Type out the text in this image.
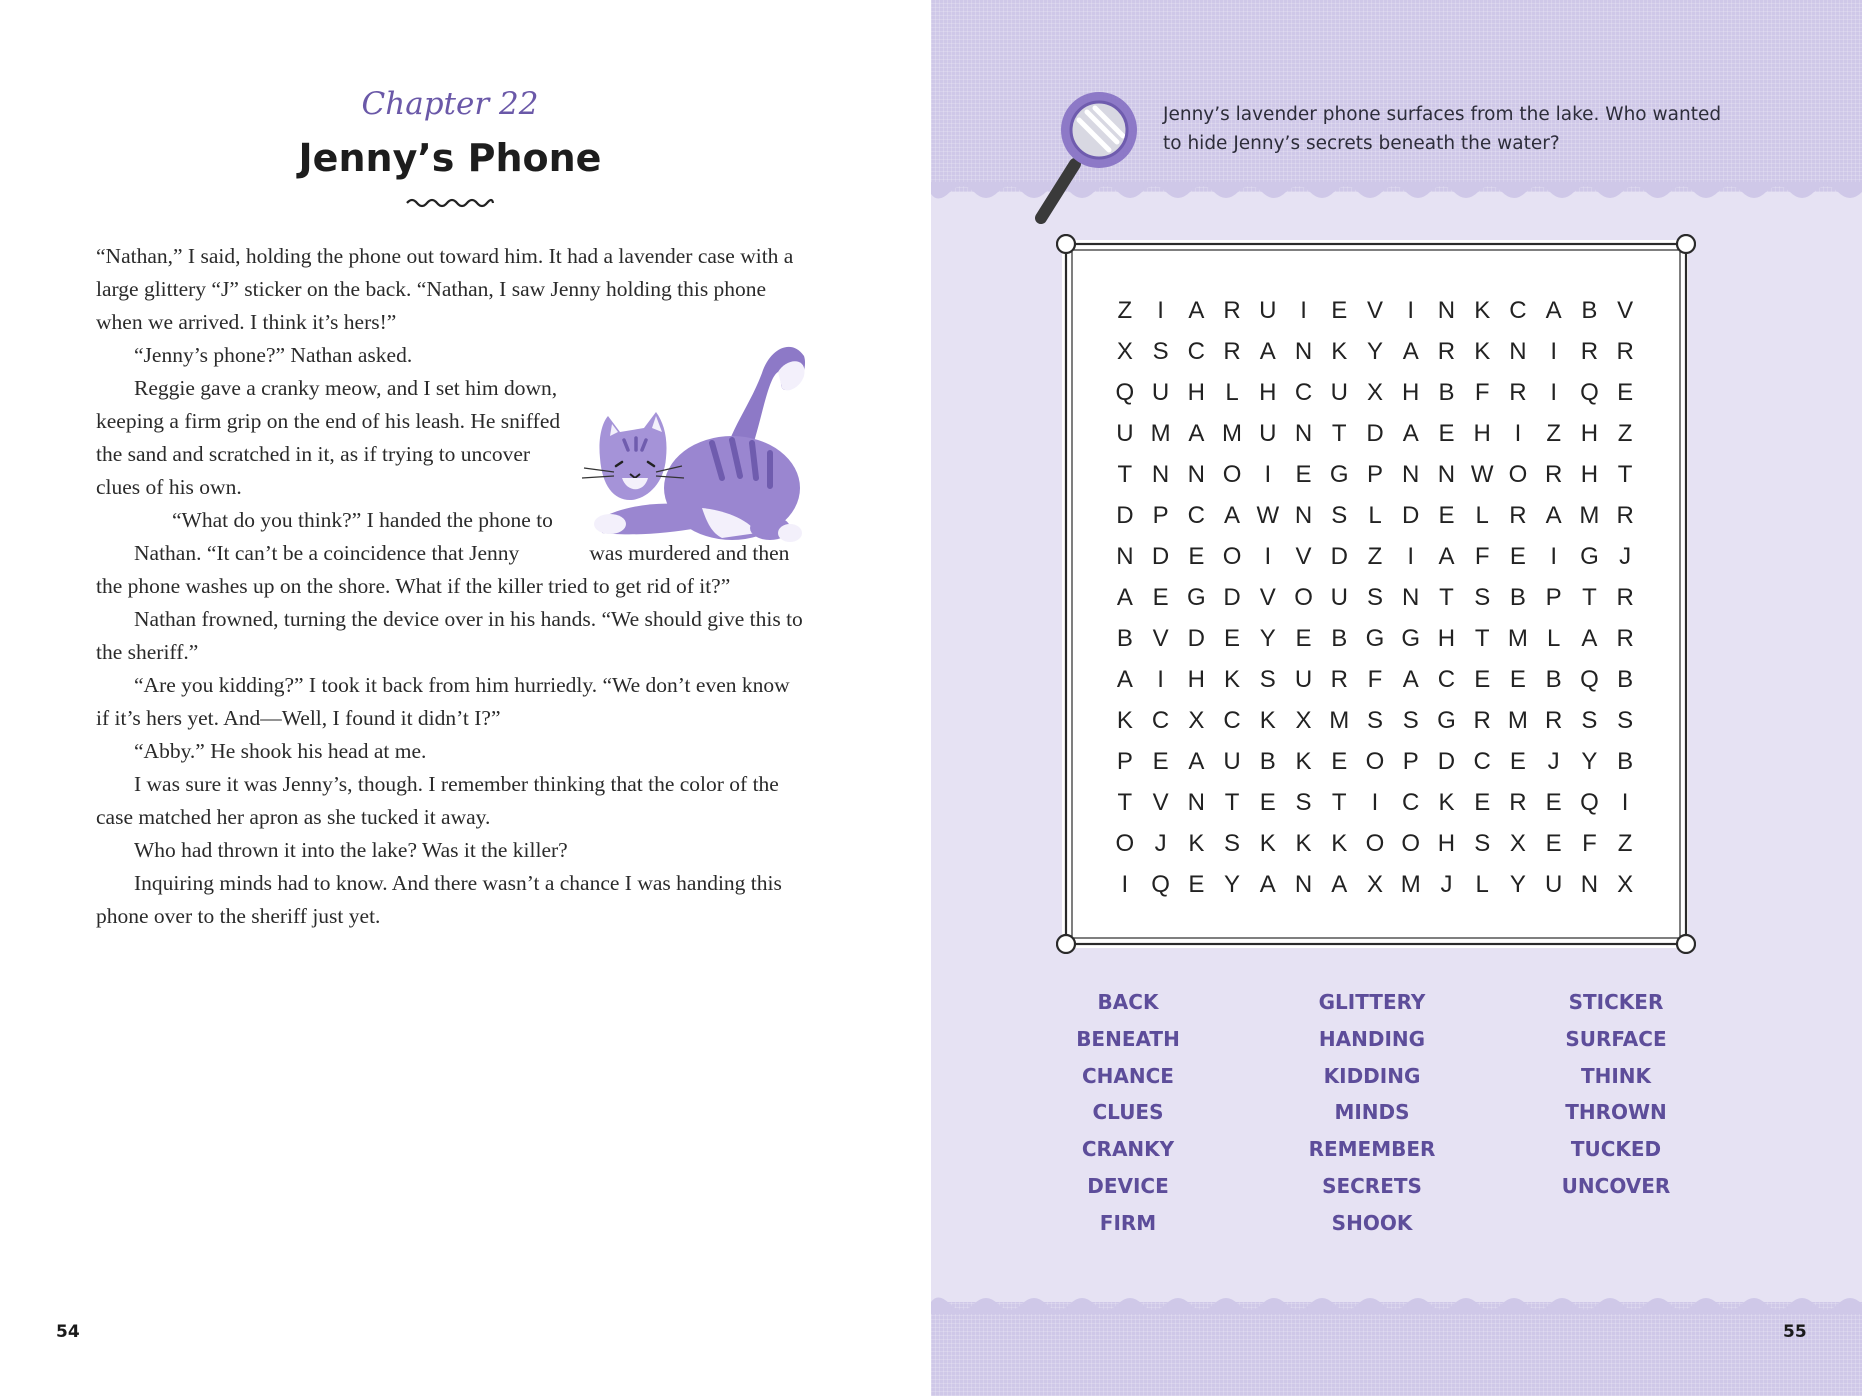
Chapter 22
Jenny’s Phone

“Nathan,” I said, holding the phone out toward him. It had a lavender case with a large glittery “J” sticker on the back. “Nathan, I saw Jenny holding this phone when we arrived. I think it’s hers!”

“Jenny’s phone?” Nathan asked.

Reggie gave a cranky meow, and I set him down, keeping a firm grip on the end of his leash. He sniffed the sand and scratched in it, as if trying to uncover clues of his own.

“What do you think?” I handed the phone to Nathan. “It can’t be a coincidence that Jenny	was murdered and then the phone washes up on the shore. What if the killer tried to get rid of it?”

Nathan frowned, turning the device over in his hands. “We should give this to the sheriff.”

“Are you kidding?” I took it back from him hurriedly. “We don’t even know if it’s hers yet. And—Well, I found it didn’t I?”

“Abby.” He shook his head at me.

I was sure it was Jenny’s, though. I remember thinking that the color of the case matched her apron as she tucked it away.

Who had thrown it into the lake? Was it the killer?

Inquiring minds had to know. And there wasn’t a chance I was handing this phone over to the sheriff just yet.

54
Jenny’s lavender phone surfaces from the lake. Who wanted to hide Jenny’s secrets beneath the water?
Z	I	A R U I	E V	I N K C A B V
X S C R A N K Y A R K N I R R
Q U H L H C U X H B F R I Q E
U M A M U N T D A E H I	Z H Z
T N N O I	E G P N N W O R H T
D P C A W N S L D E L R A M R
N D E O I	V D Z	I	A F E	I G J
A E G D V O U S N T S B P T R
B V D E Y E B G G H T M L A R
A	I H K S U R F A C E E B Q B
K C X C K X M S S G R M R S S
P E A U B K E O P D C E J Y B
T V N T E S T	I C K E R E Q I
O J K S K K K O O H S X E F Z
I Q E Y A N A X M J L Y U N X
BACK
BENEATH
CHANCE
CLUES
CRANKY
DEVICE
FIRM
GLITTERY
HANDING
KIDDING
MINDS
REMEMBER
SECRETS
SHOOK
STICKER
SURFACE
THINK
THROWN
TUCKED
UNCOVER
55
